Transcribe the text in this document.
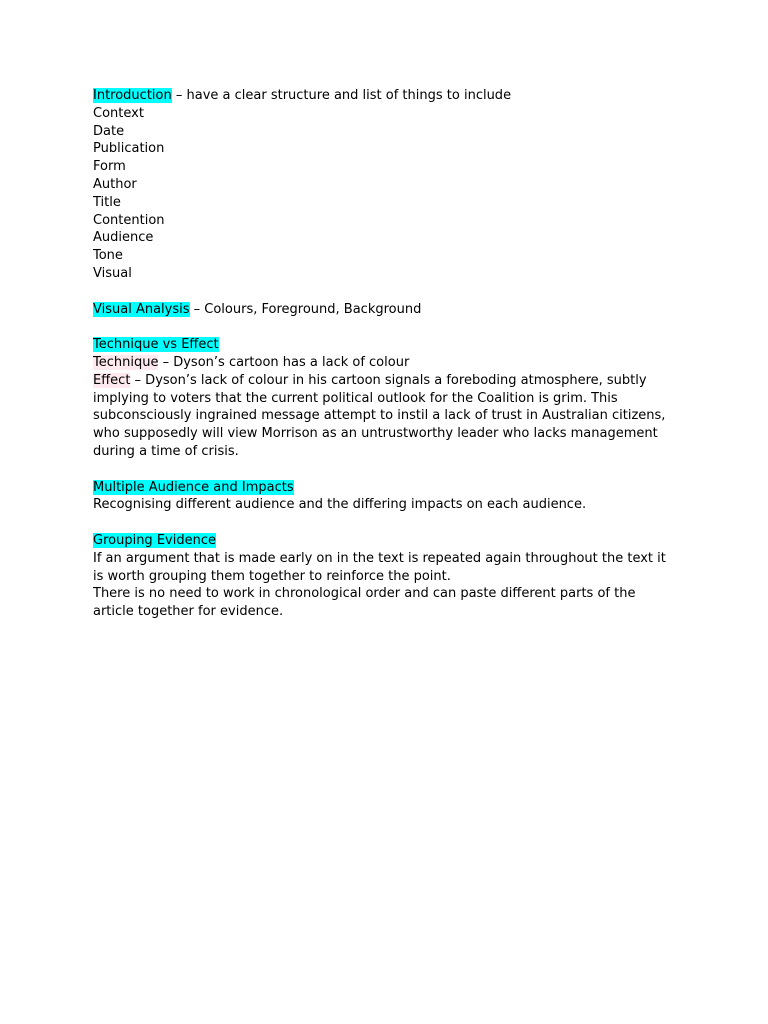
Introduction – have a clear structure and list of things to include
Context
Date
Publication
Form
Author
Title
Contention
Audience
Tone
Visual
Visual Analysis – Colours, Foreground, Background
Technique vs Effect
Technique – Dyson’s cartoon has a lack of colour
Effect – Dyson’s lack of colour in his cartoon signals a foreboding atmosphere, subtly implying to voters that the current political outlook for the Coalition is grim. This subconsciously ingrained message attempt to instil a lack of trust in Australian citizens, who supposedly will view Morrison as an untrustworthy leader who lacks management during a time of crisis.
Multiple Audience and Impacts
Recognising different audience and the differing impacts on each audience.
Grouping Evidence
If an argument that is made early on in the text is repeated again throughout the text it is worth grouping them together to reinforce the point.
There is no need to work in chronological order and can paste different parts of the article together for evidence.
